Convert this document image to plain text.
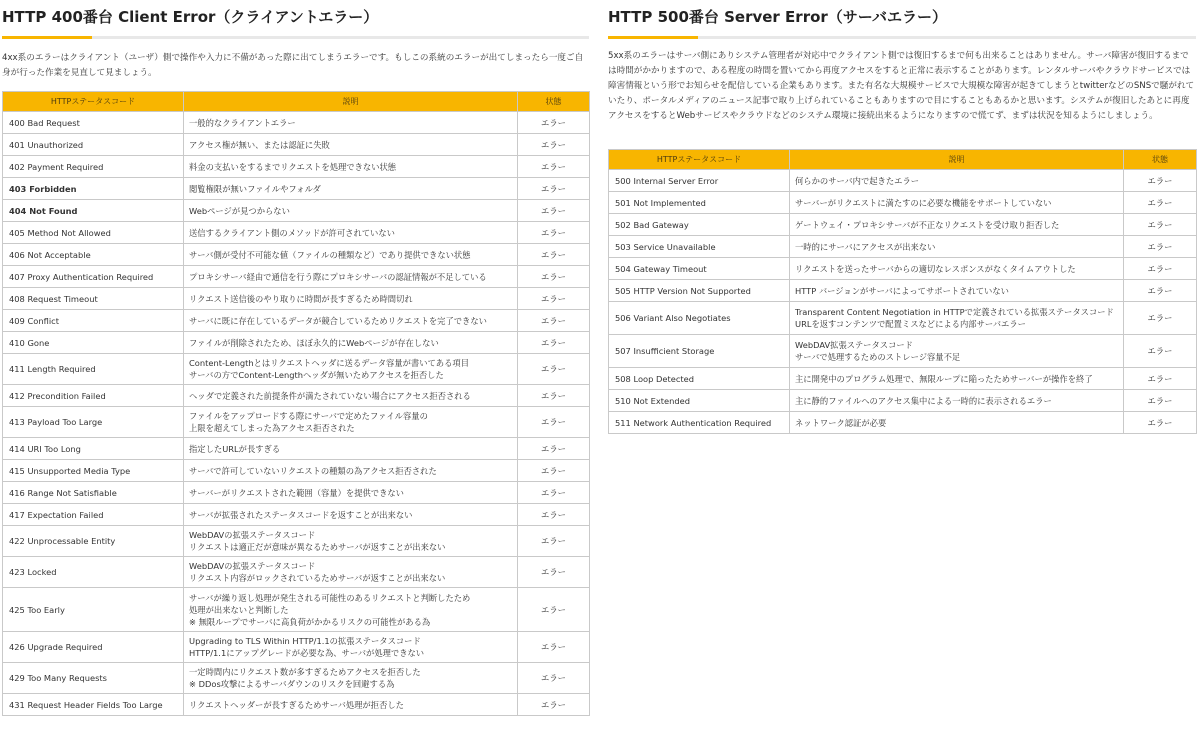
HTTP 400番台 Client Error（クライアントエラー）

4xx系のエラーはクライアント（ユーザ）側で操作や入力に不備があった際に出てしまうエラーです。もしこの系統のエラーが出てしまったら一度ご自身が行った作業を見直して見ましょう。

HTTPステータスコード	説明	状態
400 Bad Request	一般的なクライアントエラー	エラー
401 Unauthorized	アクセス権が無い、または認証に失敗	エラー
402 Payment Required	料金の支払いをするまでリクエストを処理できない状態	エラー
403 Forbidden	閲覧権限が無いファイルやフォルダ	エラー
404 Not Found	Webページが見つからない	エラー
405 Method Not Allowed	送信するクライアント側のメソッドが許可されていない	エラー
406 Not Acceptable	サーバ側が受付不可能な値（ファイルの種類など）であり提供できない状態	エラー
407 Proxy Authentication Required	プロキシサーバ経由で通信を行う際にプロキシサーバの認証情報が不足している	エラー
408 Request Timeout	リクエスト送信後のやり取りに時間が長すぎるため時間切れ	エラー
409 Conflict	サーバに既に存在しているデータが競合しているためリクエストを完了できない	エラー
410 Gone	ファイルが削除されたため、ほぼ永久的にWebページが存在しない	エラー
411 Length Required	Content-Lengthとはリクエストヘッダに送るデータ容量が書いてある項目
サーバの方でContent-Lengthヘッダが無いためアクセスを拒否した	エラー
412 Precondition Failed	ヘッダで定義された前提条件が満たされていない場合にアクセス拒否される	エラー
413 Payload Too Large	ファイルをアップロードする際にサーバで定めたファイル容量の
上限を超えてしまった為アクセス拒否された	エラー
414 URI Too Long	指定したURLが長すぎる	エラー
415 Unsupported Media Type	サーバで許可していないリクエストの種類の為アクセス拒否された	エラー
416 Range Not Satisfiable	サーバーがリクエストされた範囲（容量）を提供できない	エラー
417 Expectation Failed	サーバが拡張されたステータスコードを返すことが出来ない	エラー
422 Unprocessable Entity	WebDAVの拡張ステータスコード
リクエストは適正だが意味が異なるためサーバが返すことが出来ない	エラー
423 Locked	WebDAVの拡張ステータスコード
リクエスト内容がロックされているためサーバが返すことが出来ない	エラー
425 Too Early	サーバが繰り返し処理が発生される可能性のあるリクエストと判断したため
処理が出来ないと判断した
※ 無限ループでサーバに高負荷がかかるリスクの可能性がある為	エラー
426 Upgrade Required	Upgrading to TLS Within HTTP/1.1の拡張ステータスコード
HTTP/1.1にアップグレードが必要な為、サーバが処理できない	エラー
429 Too Many Requests	一定時間内にリクエスト数が多すぎるためアクセスを拒否した
※ DDos攻撃によるサーバダウンのリスクを回避する為	エラー
431 Request Header Fields Too Large	リクエストヘッダーが長すぎるためサーバ処理が拒否した	エラー
HTTP 500番台 Server Error（サーバエラー）

5xx系のエラーはサーバ側にありシステム管理者が対応中でクライアント側では復旧するまで何も出来ることはありません。サーバ障害が復旧するまでは時間がかかりますので、ある程度の時間を置いてから再度アクセスをすると正常に表示することがあります。レンタルサーバやクラウドサービスでは障害情報という形でお知らせを配信している企業もあります。また有名な大規模サービスで大規模な障害が起きてしまうとtwitterなどのSNSで騒がれていたり、ポータルメディアのニュース記事で取り上げられていることもありますので目にすることもあるかと思います。システムが復旧したあとに再度アクセスをするとWebサービスやクラウドなどのシステム環境に接続出来るようになりますので慌てず、まずは状況を知るようにしましょう。

HTTPステータスコード	説明	状態
500 Internal Server Error	何らかのサーバ内で起きたエラー	エラー
501 Not Implemented	サーバーがリクエストに満たすのに必要な機能をサポートしていない	エラー
502 Bad Gateway	ゲートウェイ・プロキシサーバが不正なリクエストを受け取り拒否した	エラー
503 Service Unavailable	一時的にサーバにアクセスが出来ない	エラー
504 Gateway Timeout	リクエストを送ったサーバからの適切なレスポンスがなくタイムアウトした	エラー
505 HTTP Version Not Supported	HTTP バージョンがサーバによってサポートされていない	エラー
506 Variant Also Negotiates	Transparent Content Negotiation in HTTPで定義されている拡張ステータスコード
URLを返すコンテンツで配置ミスなどによる内部サーバエラー	エラー
507 Insufficient Storage	WebDAV拡張ステータスコード
サーバで処理するためのストレージ容量不足	エラー
508 Loop Detected	主に開発中のプログラム処理で、無限ループに陥ったためサーバーが操作を終了	エラー
510 Not Extended	主に静的ファイルへのアクセス集中による一時的に表示されるエラー	エラー
511 Network Authentication Required	ネットワーク認証が必要	エラー
